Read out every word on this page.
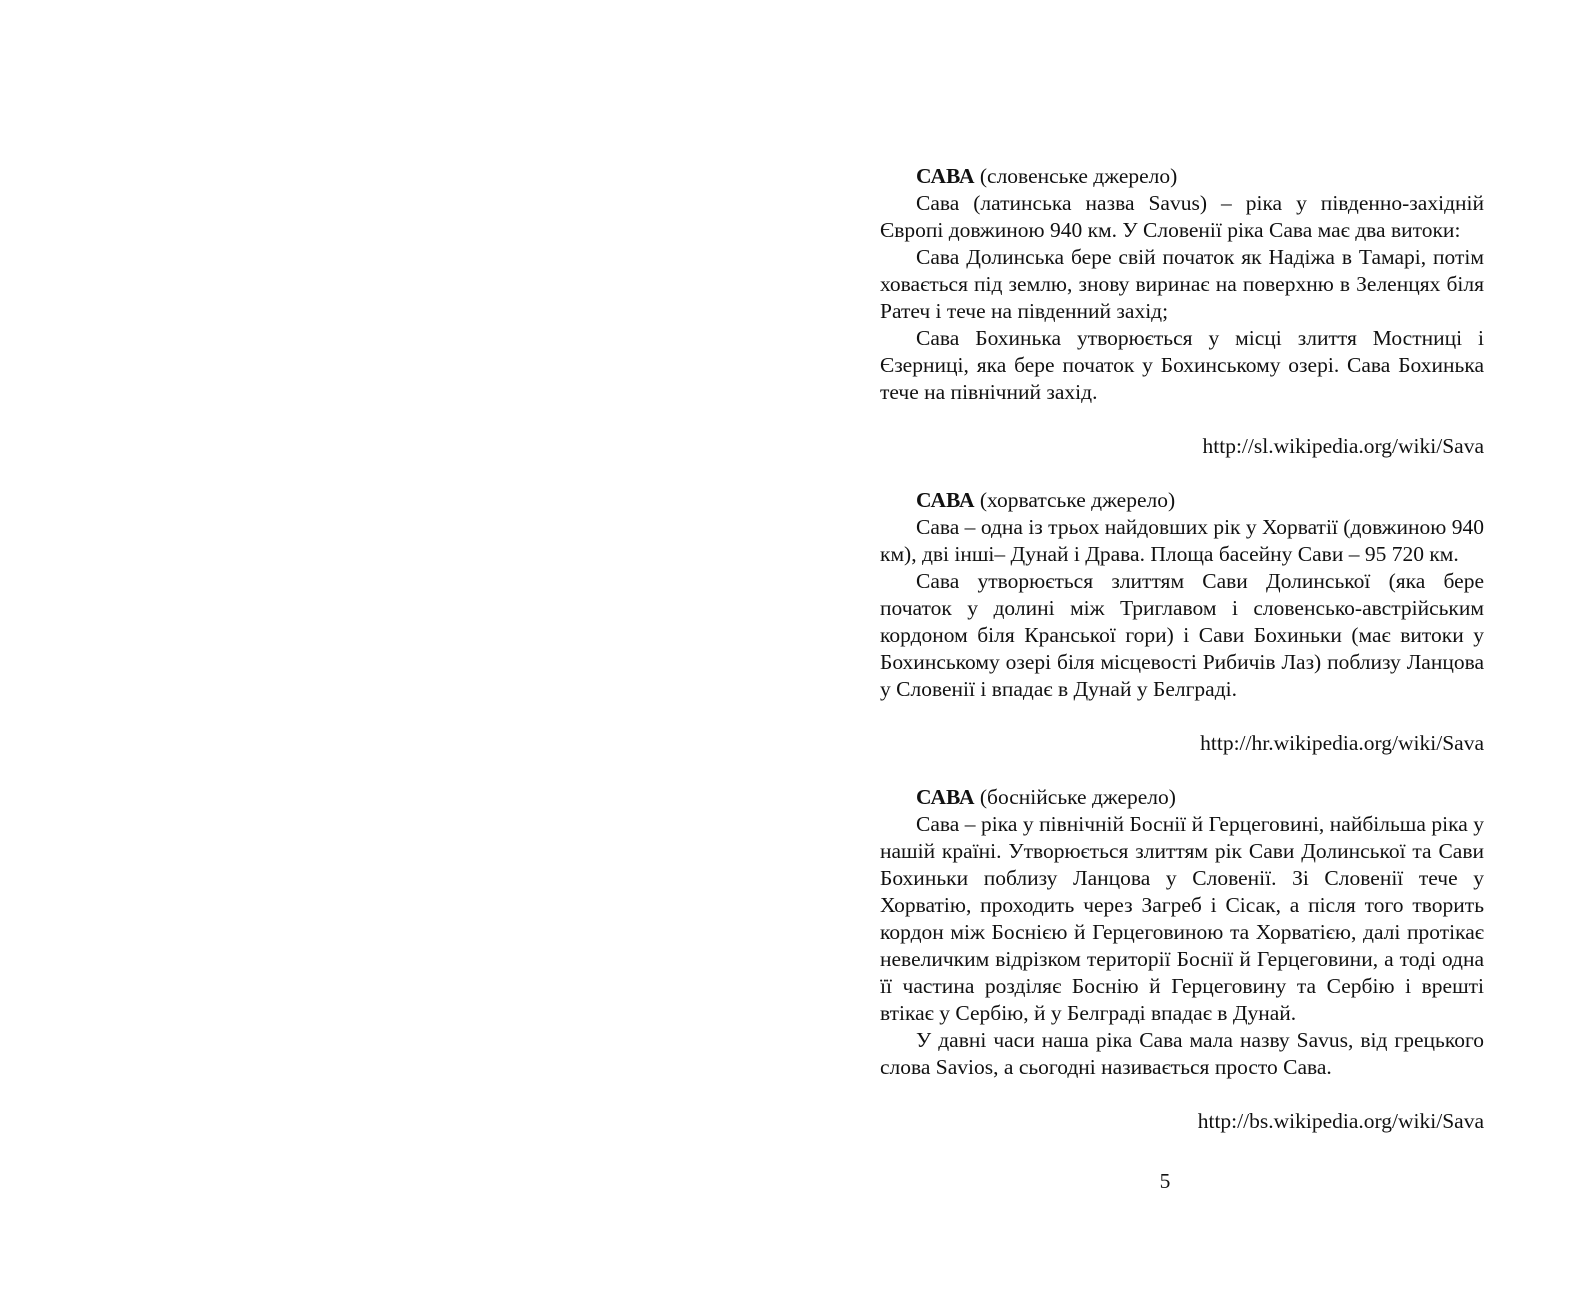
САВА (словенське джерело)

Сава (латинська назва Savus) – ріка у південно-західній Європі довжиною 940 км. У Словенії ріка Сава має два витоки:

Сава Долинська бере свій початок як Надіжа в Тамарі, потім ховається під землю, знову виринає на поверхню в Зеленцях біля Ратеч і тече на південний захід;

Сава Бохинька утворюється у місці злиття Мостниці і Єзерниці, яка бере початок у Бохинському озері. Сава Бохинька тече на північний захід.

http://sl.wikipedia.org/wiki/Sava

САВА (хорватське джерело)

Сава – одна із трьох найдовших рік у Хорватії (довжиною 940 км), дві інші– Дунай і Драва. Площа басейну Сави – 95 720 км.

Сава утворюється злиттям Сави Долинської (яка бере початок у долині між Триглавом і словенсько-австрійським кордоном біля Кранської гори) і Сави Бохиньки (має витоки у Бохинському озері біля місцевості Рибичів Лаз) поблизу Ланцова у Словенії і впадає в Дунай у Белграді.

http://hr.wikipedia.org/wiki/Sava

САВА (боснійське джерело)

Сава – ріка у північній Боснії й Герцеговині, найбільша ріка у нашій країні. Утворюється злиттям рік Сави Долинської та Сави Бохиньки поблизу Ланцова у Словенії. Зі Словенії тече у Хорватію, проходить через Загреб і Сісак, а після того творить кордон між Боснією й Герцеговиною та Хорватією, далі протікає невеличким відрізком території Боснії й Герцеговини, а тоді одна її частина розділяє Боснію й Герцеговину та Сербію і врешті втікає у Сербію, й у Белграді впадає в Дунай.

У давні часи наша ріка Сава мала назву Savus, від грецького слова Savios, а сьогодні називається просто Сава.

http://bs.wikipedia.org/wiki/Sava

5
